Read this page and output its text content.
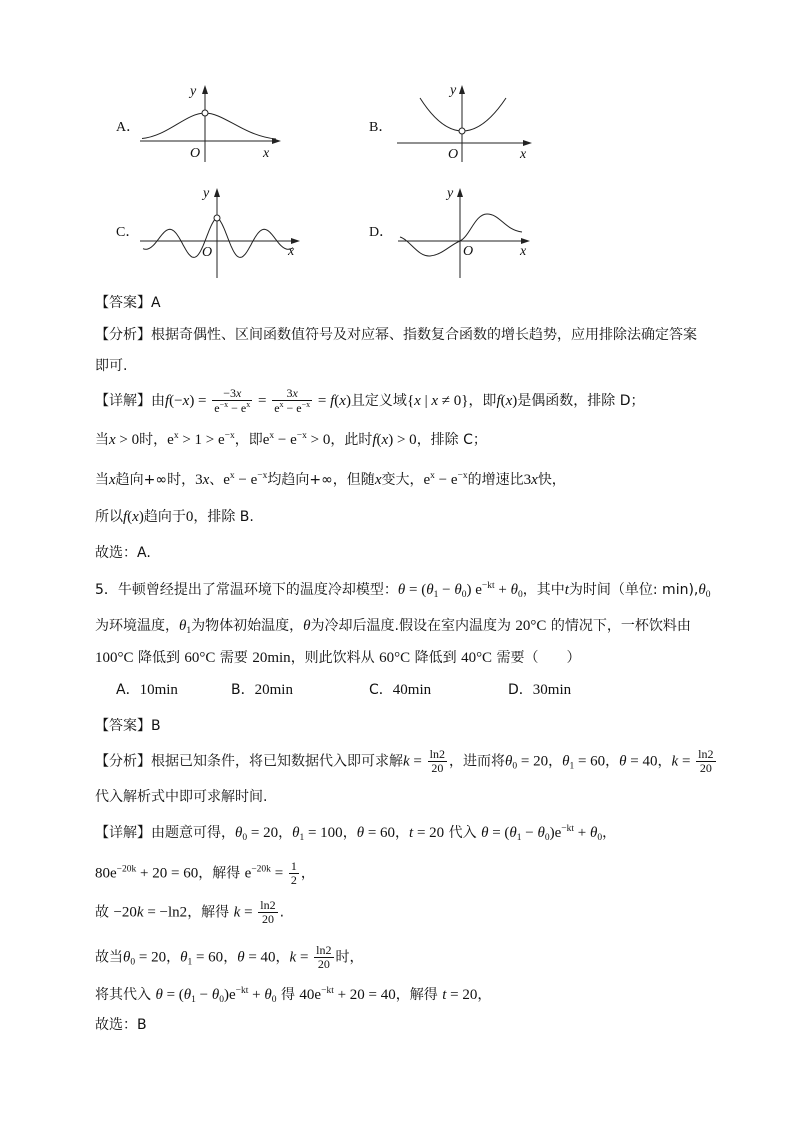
A．	B．
C．	D．
y
O	x
y
O	x
y
O	x
y
O	x
【答案】A
【分析】根据奇偶性、区间函数值符号及对应幂、指数复合函数的增长趋势，应用排除法确定答案
即可.
【详解】由$f(-x) = \frac{-3x}{e^{-x} - e^x} = \frac{3x}{e^x - e^{-x}} = f(x)$且定义域{x | x ≠ 0}，即f(x)是偶函数，排除 D；
当x > 0时，$e^x > 1 > e^{-x}$，即$e^x - e^{-x} > 0$，此时f(x) > 0，排除 C；
当x趋向+∞时，3x、$e^x - e^{-x}$均趋向+∞，但随x变大，$e^x - e^{-x}$的增速比3x快，
所以f(x)趋向于0，排除 B.
故选：A.
5．牛顿曾经提出了常温环境下的温度冷却模型：$\theta = (\theta_1 - \theta_0) e^{-kt} + \theta_0$，其中t为时间（单位: $\min),\theta_0$
为环境温度，$\theta_1$为物体初始温度，θ为冷却后温度.假设在室内温度为 20°C 的情况下，一杯饮料由
100°C 降低到 60°C 需要 20min，则此饮料从 60°C 降低到 40°C 需要（　　）
A．10min	B．20min	C．40min	D．30min
【答案】B
【分析】根据已知条件，将已知数据代入即可求解$k = \frac{\ln 2}{20}$ ，进而将$\theta_0 = 20$，$\theta_1 = 60$，θ = 40，$k = \frac{\ln 2}{20}$
代入解析式中即可求解时间.
【详解】由题意可得，$\theta_0 = 20$，$\theta_1 = 100$，θ = 60，t = 20 代入 $\theta = (\theta_1 - \theta_0)e^{-kt} + \theta_0$，
$80e^{-20k} + 20 = 60$，解得 $e^{-20k} = \frac{1}{2}$ ，
故 −20k = −ln2，解得 $k = \frac{\ln 2}{20}$ .
故当$\theta_0 = 20$，$\theta_1 = 60$，θ = 40，$k = \frac{\ln 2}{20}$ 时，
将其代入 $\theta = (\theta_1 - \theta_0)e^{-kt} + \theta_0$ 得 $40e^{-kt} + 20 = 40$，解得 t = 20，
故选：B
